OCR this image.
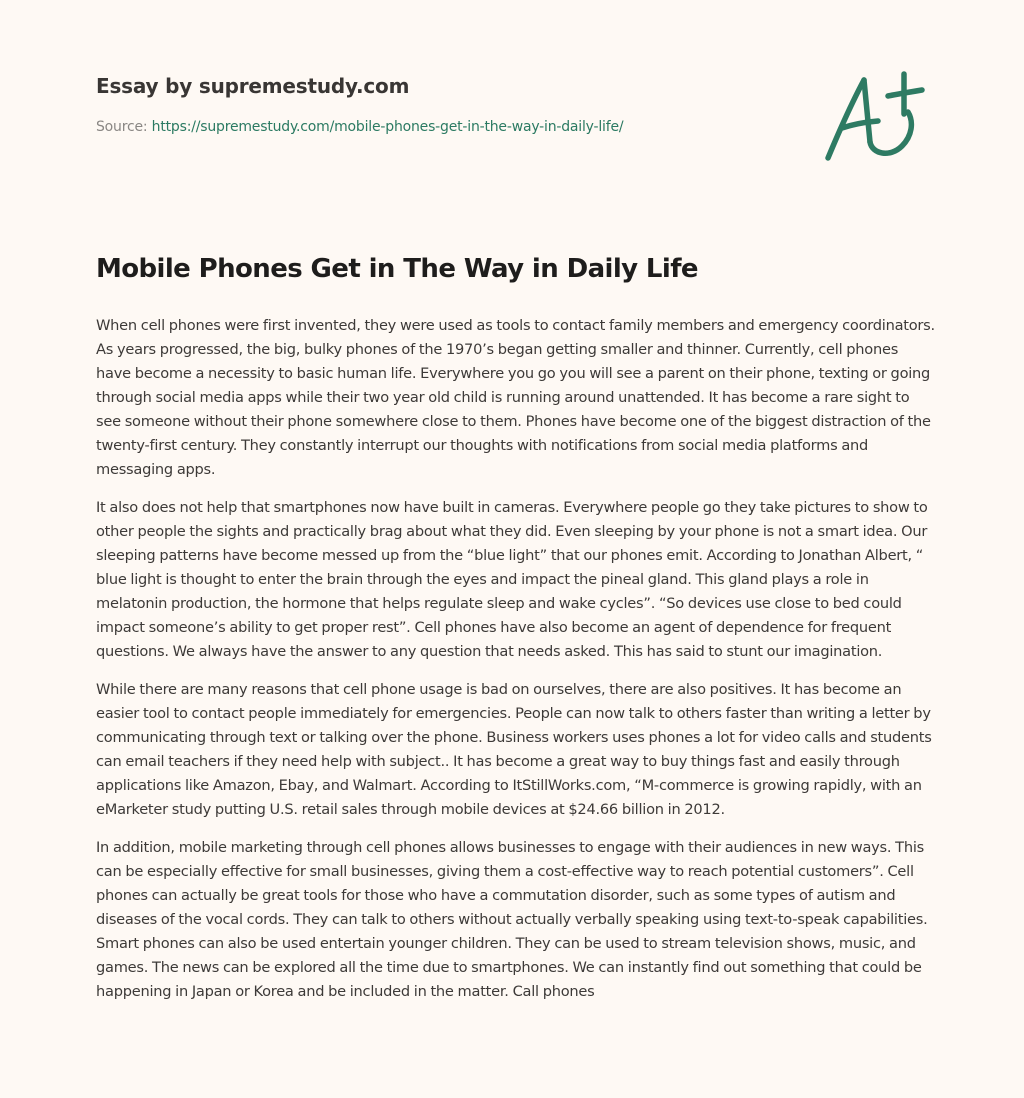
Essay by supremestudy.com
Source: https://supremestudy.com/mobile-phones-get-in-the-way-in-daily-life/
Mobile Phones Get in The Way in Daily Life

When cell phones were first invented, they were used as tools to contact family members and emergency coordinators. As years progressed, the big, bulky phones of the 1970’s began getting smaller and thinner. Currently, cell phones have become a necessity to basic human life. Everywhere you go you will see a parent on their phone, texting or going through social media apps while their two year old child is running around unattended. It has become a rare sight to see someone without their phone somewhere close to them. Phones have become one of the biggest distraction of the twenty-first century. They constantly interrupt our thoughts with notifications from social media platforms and messaging apps.

It also does not help that smartphones now have built in cameras. Everywhere people go they take pictures to show to other people the sights and practically brag about what they did. Even sleeping by your phone is not a smart idea. Our sleeping patterns have become messed up from the “blue light” that our phones emit. According to Jonathan Albert, “ blue light is thought to enter the brain through the eyes and impact the pineal gland. This gland plays a role in melatonin production, the hormone that helps regulate sleep and wake cycles”. “So devices use close to bed could impact someone’s ability to get proper rest”. Cell phones have also become an agent of dependence for frequent questions. We always have the answer to any question that needs asked. This has said to stunt our imagination.

While there are many reasons that cell phone usage is bad on ourselves, there are also positives. It has become an easier tool to contact people immediately for emergencies. People can now talk to others faster than writing a letter by communicating through text or talking over the phone. Business workers uses phones a lot for video calls and students can email teachers if they need help with subject.. It has become a great way to buy things fast and easily through applications like Amazon, Ebay, and Walmart. According to ItStillWorks.com, “M-commerce is growing rapidly, with an eMarketer study putting U.S. retail sales through mobile devices at $24.66 billion in 2012.

In addition, mobile marketing through cell phones allows businesses to engage with their audiences in new ways. This can be especially effective for small businesses, giving them a cost-effective way to reach potential customers”. Cell phones can actually be great tools for those who have a commutation disorder, such as some types of autism and diseases of the vocal cords. They can talk to others without actually verbally speaking using text-to-speak capabilities. Smart phones can also be used entertain younger children. They can be used to stream television shows, music, and games. The news can be explored all the time due to smartphones. We can instantly find out something that could be happening in Japan or Korea and be included in the matter. Call phones
